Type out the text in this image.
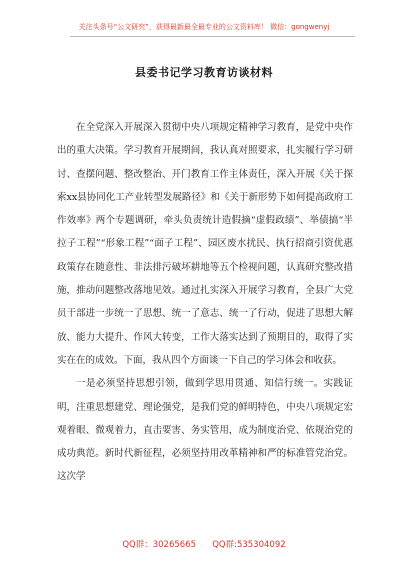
关注头条号“公文研究”，获得最新最全最专业的公文资料库！ 微信：gongwenyj
县委书记学习教育访谈材料

在全党深入开展深入贯彻中央八项规定精神学习教育，是党中央作出的重大决策。学习教育开展期间，我认真对照要求，扎实履行学习研讨、查摆问题、整改整治、开门教育工作主体责任，深入开展《关于探索xx县协同化工产业转型发展路径》和《关于新形势下如何提高政府工作效率》两个专题调研，牵头负责统计造假摘“虚假政绩”、举债搞“半拉子工程”“形象工程”“面子工程”、园区废水扰民、执行招商引资优惠政策存在随意性、非法排污破坏耕地等五个检视问题，认真研究整改措施，推动问题整改落地见效。通过扎实深入开展学习教育，全县广大党员干部进一步统一了思想、统一了意志、统一了行动，促进了思想大解放、能力大提升、作风大转变，工作大落实达到了预期目的，取得了实实在在的成效。下面，我从四个方面谈一下自己的学习体会和收获。

一是必须坚持思想引领，做到学思用贯通、知信行统一。实践证明，注重思想建党、理论强党，是我们党的鲜明特色，中央八项规定宏观着眼、微观着力，直击要害、务实管用，成为制度治党、依规治党的成功典范。新时代新征程，必须坚持用改革精神和严的标准管党治党。这次学

QQ群：30265665      QQ群:535304092
